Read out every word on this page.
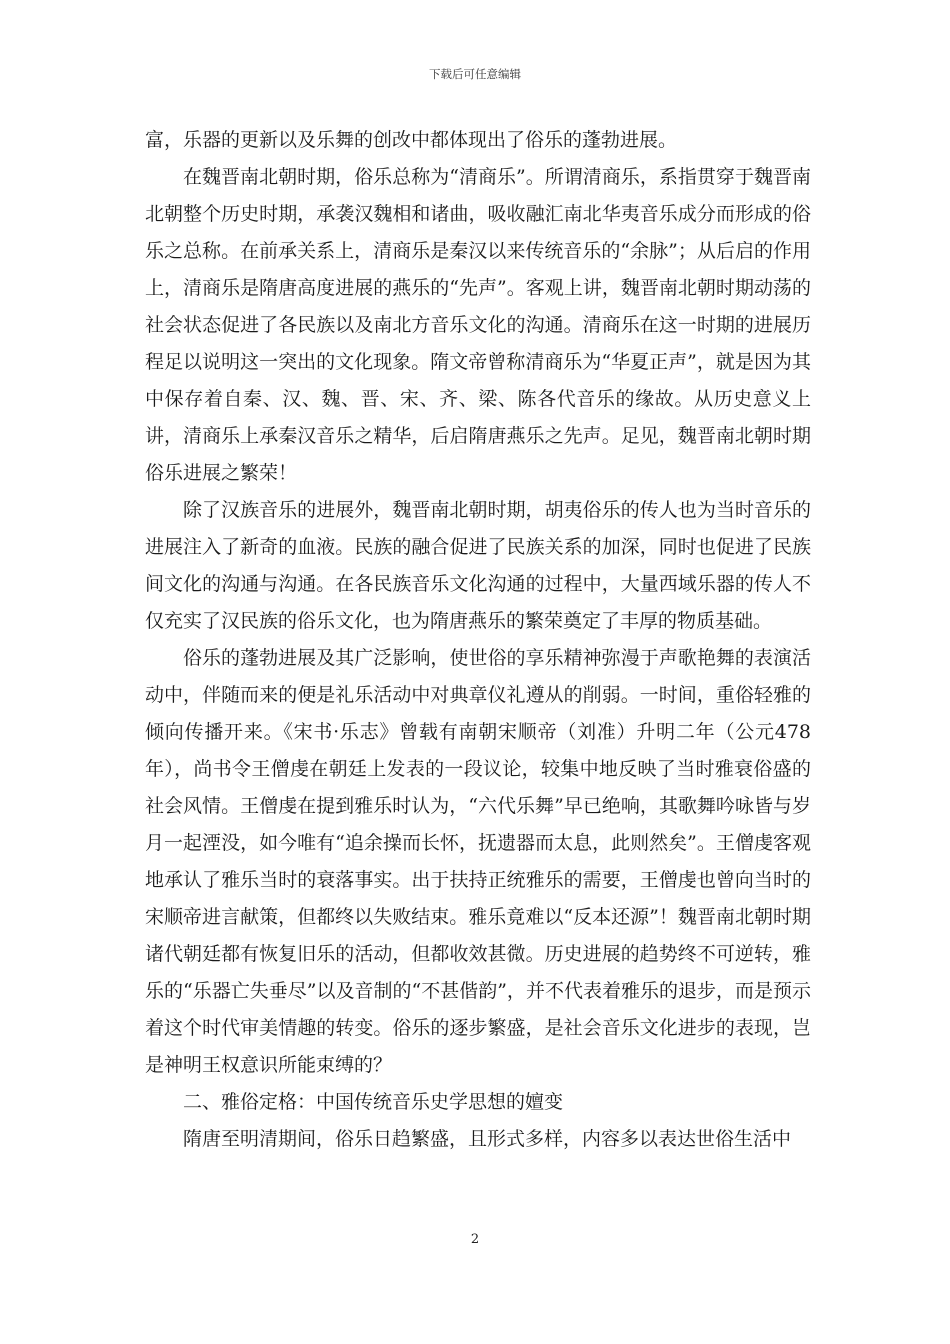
下载后可任意编辑

富，乐器的更新以及乐舞的创改中都体现出了俗乐的蓬勃进展。

在魏晋南北朝时期，俗乐总称为“清商乐”。所谓清商乐，系指贯穿于魏晋南北朝整个历史时期，承袭汉魏相和诸曲，吸收融汇南北华夷音乐成分而形成的俗乐之总称。在前承关系上，清商乐是秦汉以来传统音乐的“余脉”；从后启的作用上，清商乐是隋唐高度进展的燕乐的“先声”。客观上讲，魏晋南北朝时期动荡的社会状态促进了各民族以及南北方音乐文化的沟通。清商乐在这一时期的进展历程足以说明这一突出的文化现象。隋文帝曾称清商乐为“华夏正声”，就是因为其中保存着自秦、汉、魏、晋、宋、齐、梁、陈各代音乐的缘故。从历史意义上讲，清商乐上承秦汉音乐之精华，后启隋唐燕乐之先声。足见，魏晋南北朝时期俗乐进展之繁荣！

除了汉族音乐的进展外，魏晋南北朝时期，胡夷俗乐的传人也为当时音乐的进展注入了新奇的血液。民族的融合促进了民族关系的加深，同时也促进了民族间文化的沟通与沟通。在各民族音乐文化沟通的过程中，大量西域乐器的传人不仅充实了汉民族的俗乐文化，也为隋唐燕乐的繁荣奠定了丰厚的物质基础。

俗乐的蓬勃进展及其广泛影响，使世俗的享乐精神弥漫于声歌艳舞的表演活动中，伴随而来的便是礼乐活动中对典章仪礼遵从的削弱。一时间，重俗轻雅的倾向传播开来。《宋书·乐志》曾载有南朝宋顺帝（刘准）升明二年（公元478年），尚书令王僧虔在朝廷上发表的一段议论，较集中地反映了当时雅衰俗盛的社会风情。王僧虔在提到雅乐时认为，“六代乐舞”早已绝响，其歌舞吟咏皆与岁月一起湮没，如今唯有“追余操而长怀，抚遗器而太息，此则然矣”。王僧虔客观地承认了雅乐当时的衰落事实。出于扶持正统雅乐的需要，王僧虔也曾向当时的宋顺帝进言献策，但都终以失败结束。雅乐竟难以“反本还源”！魏晋南北朝时期诸代朝廷都有恢复旧乐的活动，但都收效甚微。历史进展的趋势终不可逆转，雅乐的“乐器亡失垂尽”以及音制的“不甚偕韵”，并不代表着雅乐的退步，而是预示着这个时代审美情趣的转变。俗乐的逐步繁盛，是社会音乐文化进步的表现，岂是神明王权意识所能束缚的？

二、雅俗定格：中国传统音乐史学思想的嬗变

隋唐至明清期间，俗乐日趋繁盛，且形式多样，内容多以表达世俗生活中

2
